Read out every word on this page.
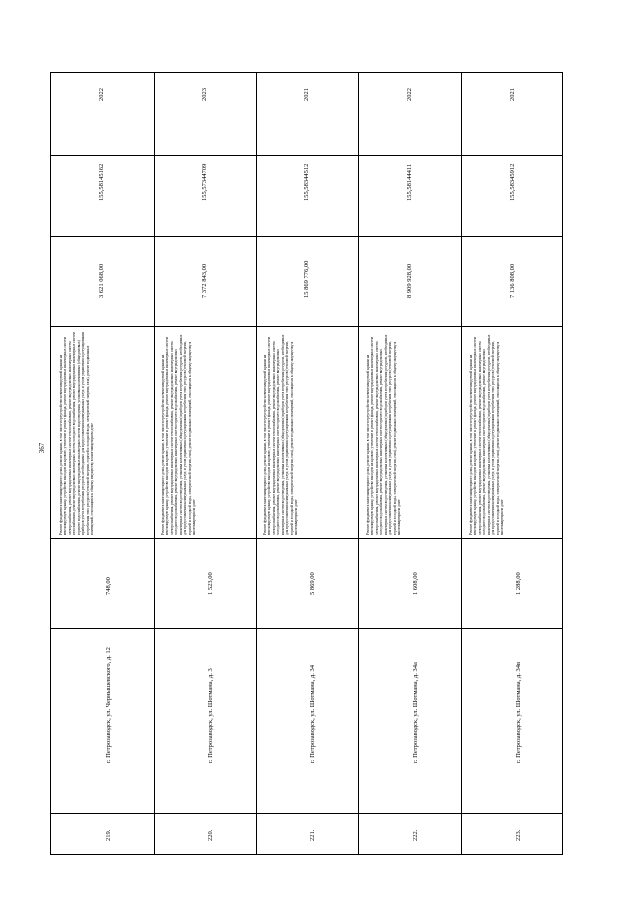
367
2022
155,58145162
3 621 068,00
Ремонт фундамента многоквартирного дома, ремонт крыши, в том числе переустройство невентилируемой крыши на вентилируемую крышу, устройство выходов на кровлю, утепление и ремонт фасада, ремонт внутридомовых инженерных систем электроснабжения, ремонт внутридомовых инженерных систем теплоснабжения, ремонт внутридомовых инженерных систем газоснабжения, ремонт внутридомовых инженерных систем холодного водоснабжения, ремонт внутридомовых инженерных систем горячего водоснабжения, ремонт внутридомовых инженерных систем водоотведения, установка коллективных (общедомовых) приборов учета потребления ресурсов, необходимых для предоставления коммунальных услуг, и узлов управления и регулирования потребления этих ресурсов (тепловой энергии, горячей и холодной воды, электрической энергии, газа), ремонт подвальных помещений, относящихся к общему имуществу в многоквартирном доме
748,00
г. Петрозаводск, ул. Чернышевского, д. 12
219.
2023
155,57344709
7 372 843,00
Ремонт фундамента многоквартирного дома, ремонт крыши, в том числе переустройство невентилируемой крыши на вентилируемую крышу, устройство выходов на кровлю, утепление и ремонт фасада, ремонт внутридомовых инженерных систем электроснабжения, ремонт внутридомовых инженерных систем теплоснабжения, ремонт внутридомовых инженерных систем холодного водоснабжения, ремонт внутридомовых инженерных систем горячего водоснабжения, ремонт внутридомовых инженерных систем водоотведения, установка коллективных (общедомовых) приборов учета потребления ресурсов, необходимых для предоставления коммунальных услуг, и узлов управления и регулирования потребления этих ресурсов (тепловой энергии, горячей и холодной воды, электрической энергии, газа), ремонт подвальных помещений, относящихся к общему имуществу в многоквартирном доме
1 523,00
г. Петрозаводск, ул. Шотмана, д. 3
220.
2021
155,58344512
15 869 776,00
Ремонт фундамента многоквартирного дома, ремонт крыши, в том числе переустройство невентилируемой крыши на вентилируемую крышу, устройство выходов на кровлю, утепление и ремонт фасада, ремонт внутридомовых инженерных систем электроснабжения, ремонт внутридомовых инженерных систем теплоснабжения, ремонт внутридомовых инженерных систем холодного водоснабжения, ремонт внутридомовых инженерных систем горячего водоснабжения, ремонт внутридомовых инженерных систем водоотведения, установка коллективных (общедомовых) приборов учета потребления ресурсов, необходимых для предоставления коммунальных услуг, и узлов управления и регулирования потребления этих ресурсов (тепловой энергии, горячей и холодной воды, электрической энергии, газа), ремонт подвальных помещений, относящихся к общему имуществу в многоквартирном доме
5 869,00
г. Петрозаводск, ул. Шотмана, д. 34
221.
2022
155,58144411
8 909 928,00
Ремонт фундамента многоквартирного дома, ремонт крыши, в том числе переустройство невентилируемой крыши на вентилируемую крышу, устройство выходов на кровлю, утепление и ремонт фасада, ремонт внутридомовых инженерных систем электроснабжения, ремонт внутридомовых инженерных систем теплоснабжения, ремонт внутридомовых инженерных систем холодного водоснабжения, ремонт внутридомовых инженерных систем горячего водоснабжения, ремонт внутридомовых инженерных систем водоотведения, установка коллективных (общедомовых) приборов учета потребления ресурсов, необходимых для предоставления коммунальных услуг, и узлов управления и регулирования потребления этих ресурсов (тепловой энергии, горячей и холодной воды, электрической энергии, газа), ремонт подвальных помещений, относящихся к общему имуществу в многоквартирном доме
1 608,00
г. Петрозаводск, ул. Шотмана, д. 34а
222.
2021
155,58345912
7 136 808,00
Ремонт фундамента многоквартирного дома, ремонт крыши, в том числе переустройство невентилируемой крыши на вентилируемую крышу, устройство выходов на кровлю, утепление и ремонт фасада, ремонт внутридомовых инженерных систем электроснабжения, ремонт внутридомовых инженерных систем теплоснабжения, ремонт внутридомовых инженерных систем холодного водоснабжения, ремонт внутридомовых инженерных систем горячего водоснабжения, ремонт внутридомовых инженерных систем водоотведения, установка коллективных (общедомовых) приборов учета потребления ресурсов, необходимых для предоставления коммунальных услуг, и узлов управления и регулирования потребления этих ресурсов (тепловой энергии, горячей и холодной воды, электрической энергии, газа), ремонт подвальных помещений, относящихся к общему имуществу в многоквартирном доме
1 288,00
г. Петрозаводск, ул. Шотмана, д. 34в
223.
